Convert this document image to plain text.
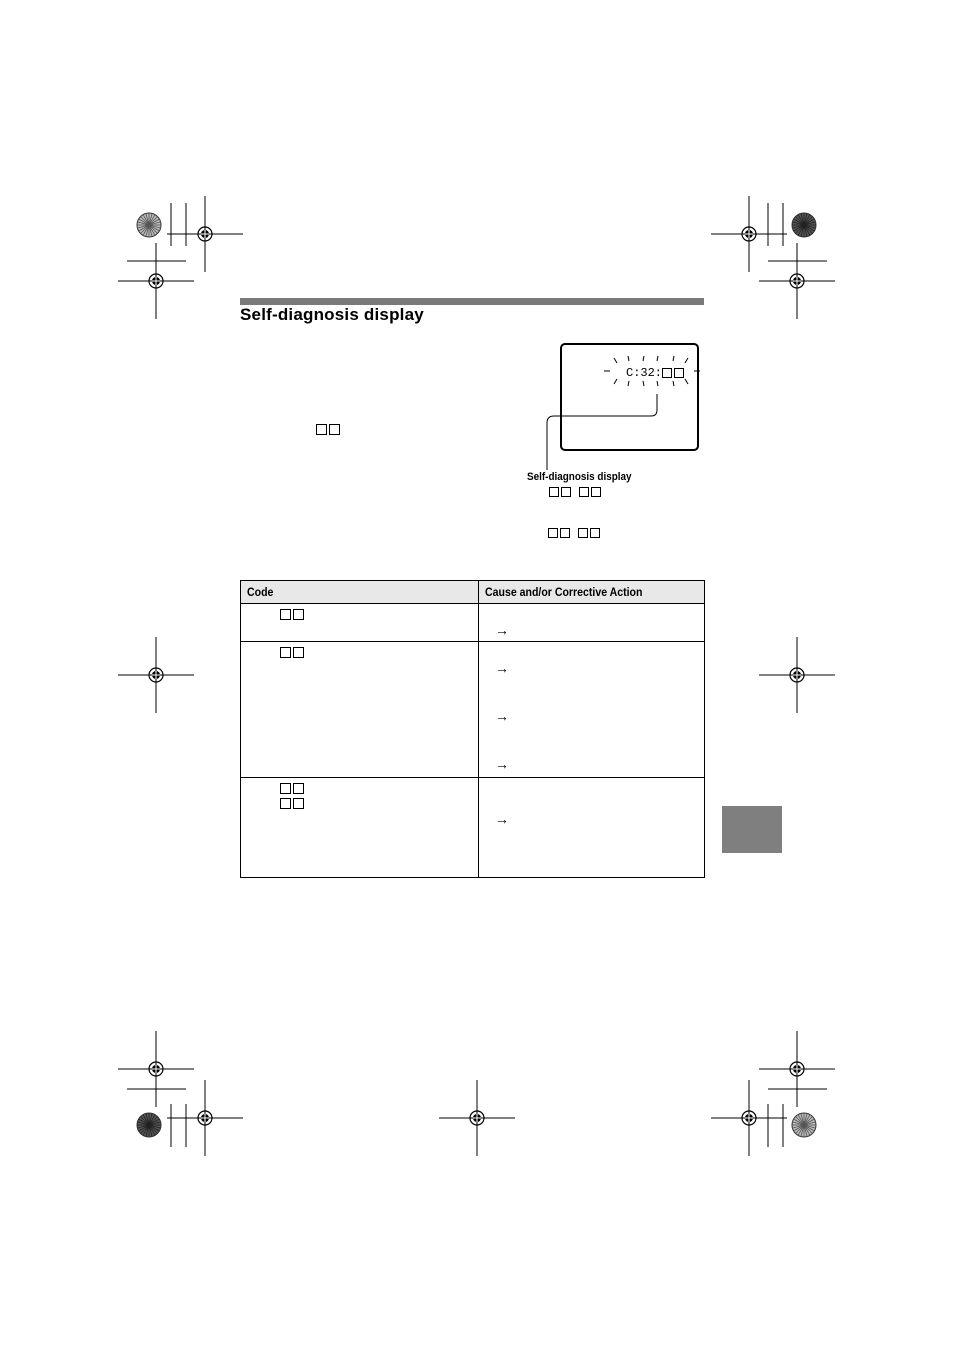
Self-diagnosis display
C:32:
Self-diagnosis display
Code	Cause and/or Corrective Action

	→

	→
→
→

	→
